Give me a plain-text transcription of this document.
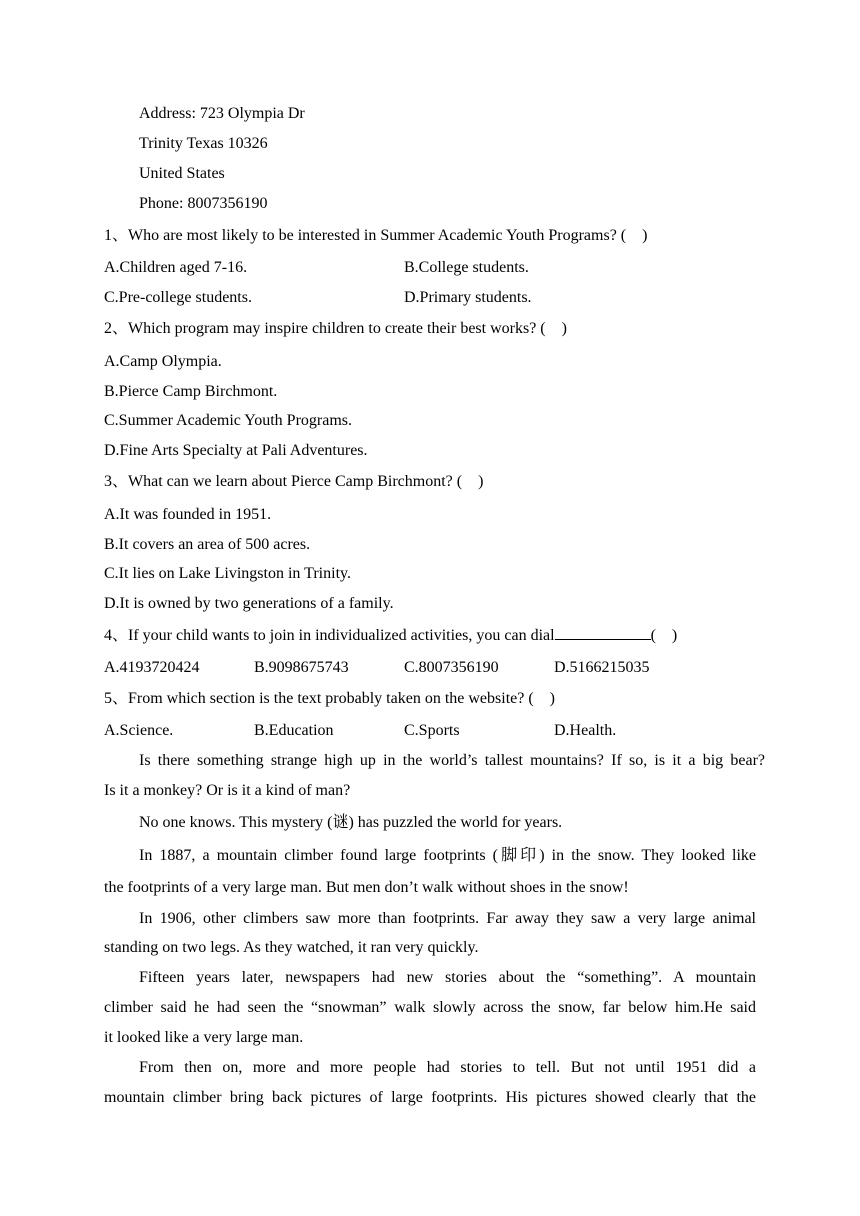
Address: 723 Olympia Dr
Trinity Texas 10326
United States
Phone: 8007356190
1、Who are most likely to be interested in Summer Academic Youth Programs? (    )
A.Children aged 7-16.	B.College students.
C.Pre-college students.	D.Primary students.
2、Which program may inspire children to create their best works? (    )
A.Camp Olympia.
B.Pierce Camp Birchmont.
C.Summer Academic Youth Programs.
D.Fine Arts Specialty at Pali Adventures.
3、What can we learn about Pierce Camp Birchmont? (    )
A.It was founded in 1951.
B.It covers an area of 500 acres.
C.It lies on Lake Livingston in Trinity.
D.It is owned by two generations of a family.
4、If your child wants to join in individualized activities, you can dial	(    )
A.4193720424	B.9098675743	C.8007356190	D.5166215035
5、From which section is the text probably taken on the website? (    )
A.Science.	B.Education	C.Sports	D.Health.
Is there something strange high up in the world’s tallest mountains? If so, is it a big bear?
Is it a monkey? Or is it a kind of man?
No one knows. This mystery (谜) has puzzled the world for years.
In 1887, a mountain climber found large footprints (脚印) in the snow. They looked like
the footprints of a very large man. But men don’t walk without shoes in the snow!
In 1906, other climbers saw more than footprints. Far away they saw a very large animal
standing on two legs. As they watched, it ran very quickly.
Fifteen years later, newspapers had new stories about the “something”. A mountain
climber said he had seen the “snowman” walk slowly across the snow, far below him.He said
it looked like a very large man.
From then on, more and more people had stories to tell. But not until 1951 did a
mountain climber bring back pictures of large footprints. His pictures showed clearly that the
